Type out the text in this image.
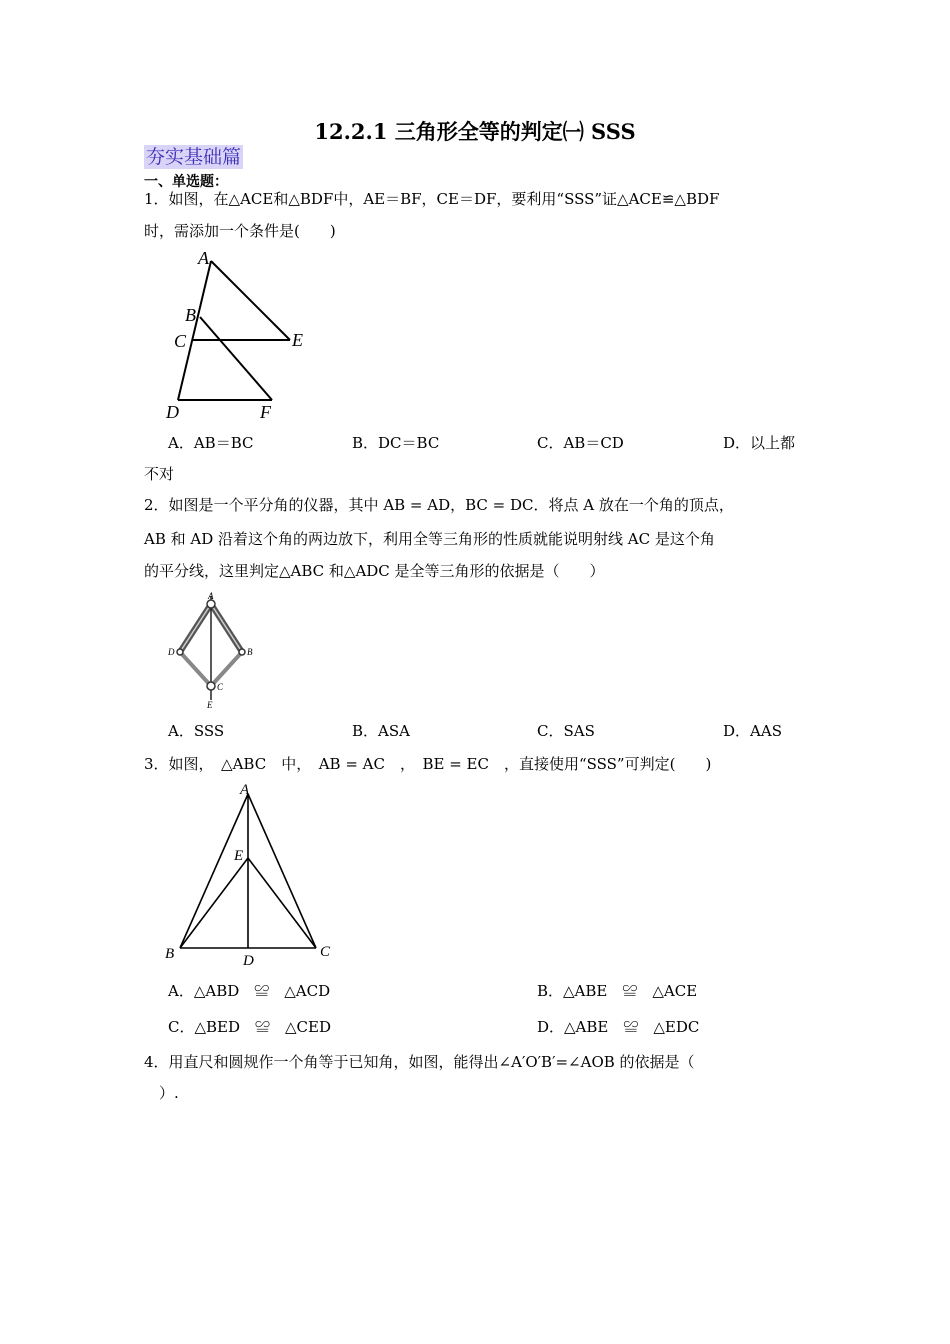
12.2.1 三角形全等的判定㈠ SSS
夯实基础篇
一、单选题：
1．如图，在△ACE和△BDF中，AE＝BF，CE＝DF，要利用“SSS”证△ACE≌△BDF
时，需添加一个条件是(　　)
A
B
C	E
D	F
A．AB＝BC	B．DC＝BC	C．AB＝CD	D．以上都
不对
2．如图是一个平分角的仪器，其中 AB = AD，BC = DC．将点 A 放在一个角的顶点，
AB 和 AD 沿着这个角的两边放下，利用全等三角形的性质就能说明射线 AC 是这个角
的平分线，这里判定△ABC 和△ADC 是全等三角形的依据是（　　）
A
D	B
C
E
A．SSS	B．ASA	C．SAS	D．AAS
3．如图，　△ABC　中，　AB = AC　，　BE = EC　，直接使用“SSS”可判定(　　)
A
E
B	D
C
A．△ABD　≌　△ACD	B．△ABE　≌　△ACE
C．△BED　≌　△CED	D．△ABE　≌　△EDC
4．用直尺和圆规作一个角等于已知角，如图，能得出∠A′O′B′=∠AOB 的依据是（
　）.
